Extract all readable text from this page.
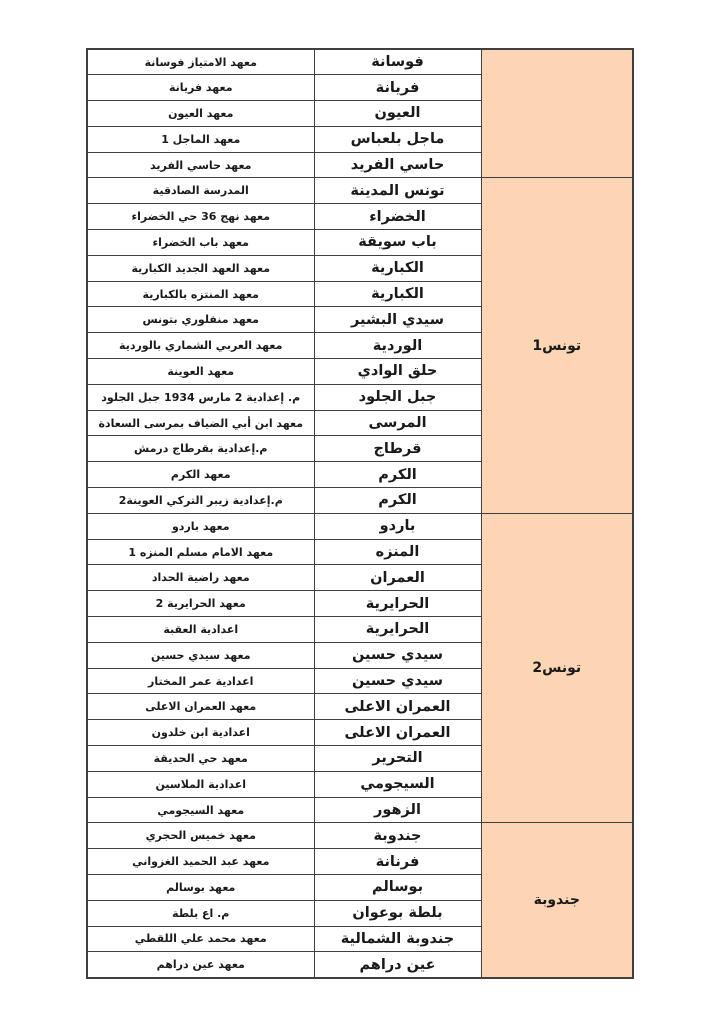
	فوسانة	معهد الامتياز فوسانة
	فريانة	معهد فريانة
	العيون	معهد العيون
	ماجل بلعباس	معهد الماجل 1
	حاسي الفريد	معهد حاسي الفريد
تونس1	تونس المدينة	المدرسة الصادقية
	الخضراء	معهد نهج 36 حي الخضراء
	باب سويقة	معهد باب الخضراء
	الكبارية	معهد العهد الجديد الكبارية
	الكبارية	معهد المنتزه بالكبارية
	سيدي البشير	معهد منفلوري بتونس
	الوردية	معهد العربي الشماري بالوردية
	حلق الوادي	معهد العوينة
	جبل الجلود	م. إعدادية 2 مارس 1934 جبل الجلود
	المرسى	معهد ابن أبي الضياف بمرسى السعادة
	قرطاج	م.إعدادية بقرطاج درمش
	الكرم	معهد الكرم
	الكرم	م.إعدادية زيبر التركي العوينة2
تونس2	باردو	معهد باردو
	المنزه	معهد الامام مسلم المنزه 1
	العمران	معهد راضية الحداد
	الحرايرية	معهد الحرايرية 2
	الحرايرية	اعدادية العقبة
	سيدي حسين	معهد سيدي حسين
	سيدي حسين	اعدادية عمر المختار
	العمران الاعلى	معهد العمران الاعلى
	العمران الاعلى	اعدادية ابن خلدون
	التحرير	معهد حي الحديقة
	السيجومي	اعدادية الملاسين
	الزهور	معهد السيجومي
جندوبة	جندوبة	معهد خميس الحجري
	فرنانة	معهد عبد الحميد الغزواني
	بوسالم	معهد بوسالم
	بلطة بوعوان	م. اع بلطة
	جندوبة الشمالية	معهد محمد علي اللقطي
	عين دراهم	معهد عين دراهم
